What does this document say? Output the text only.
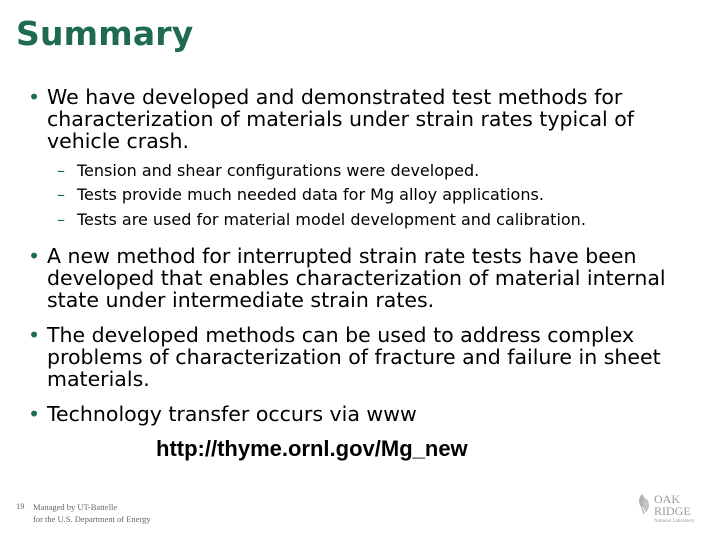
Summary
• We have developed and demonstrated test methods for characterization of materials under strain rates typical of vehicle crash.
– Tension and shear configurations were developed.
– Tests provide much needed data for Mg alloy applications.
– Tests are used for material model development and calibration.
• A new method for interrupted strain rate tests have been developed that enables characterization of material internal state under intermediate strain rates.
• The developed methods can be used to address complex problems of characterization of fracture and failure in sheet materials.
• Technology transfer occurs via www
http://thyme.ornl.gov/Mg_new
19 Managed by UT-Battelle
for the U.S. Department of Energy
OAK
RIDGE
National Laboratory
